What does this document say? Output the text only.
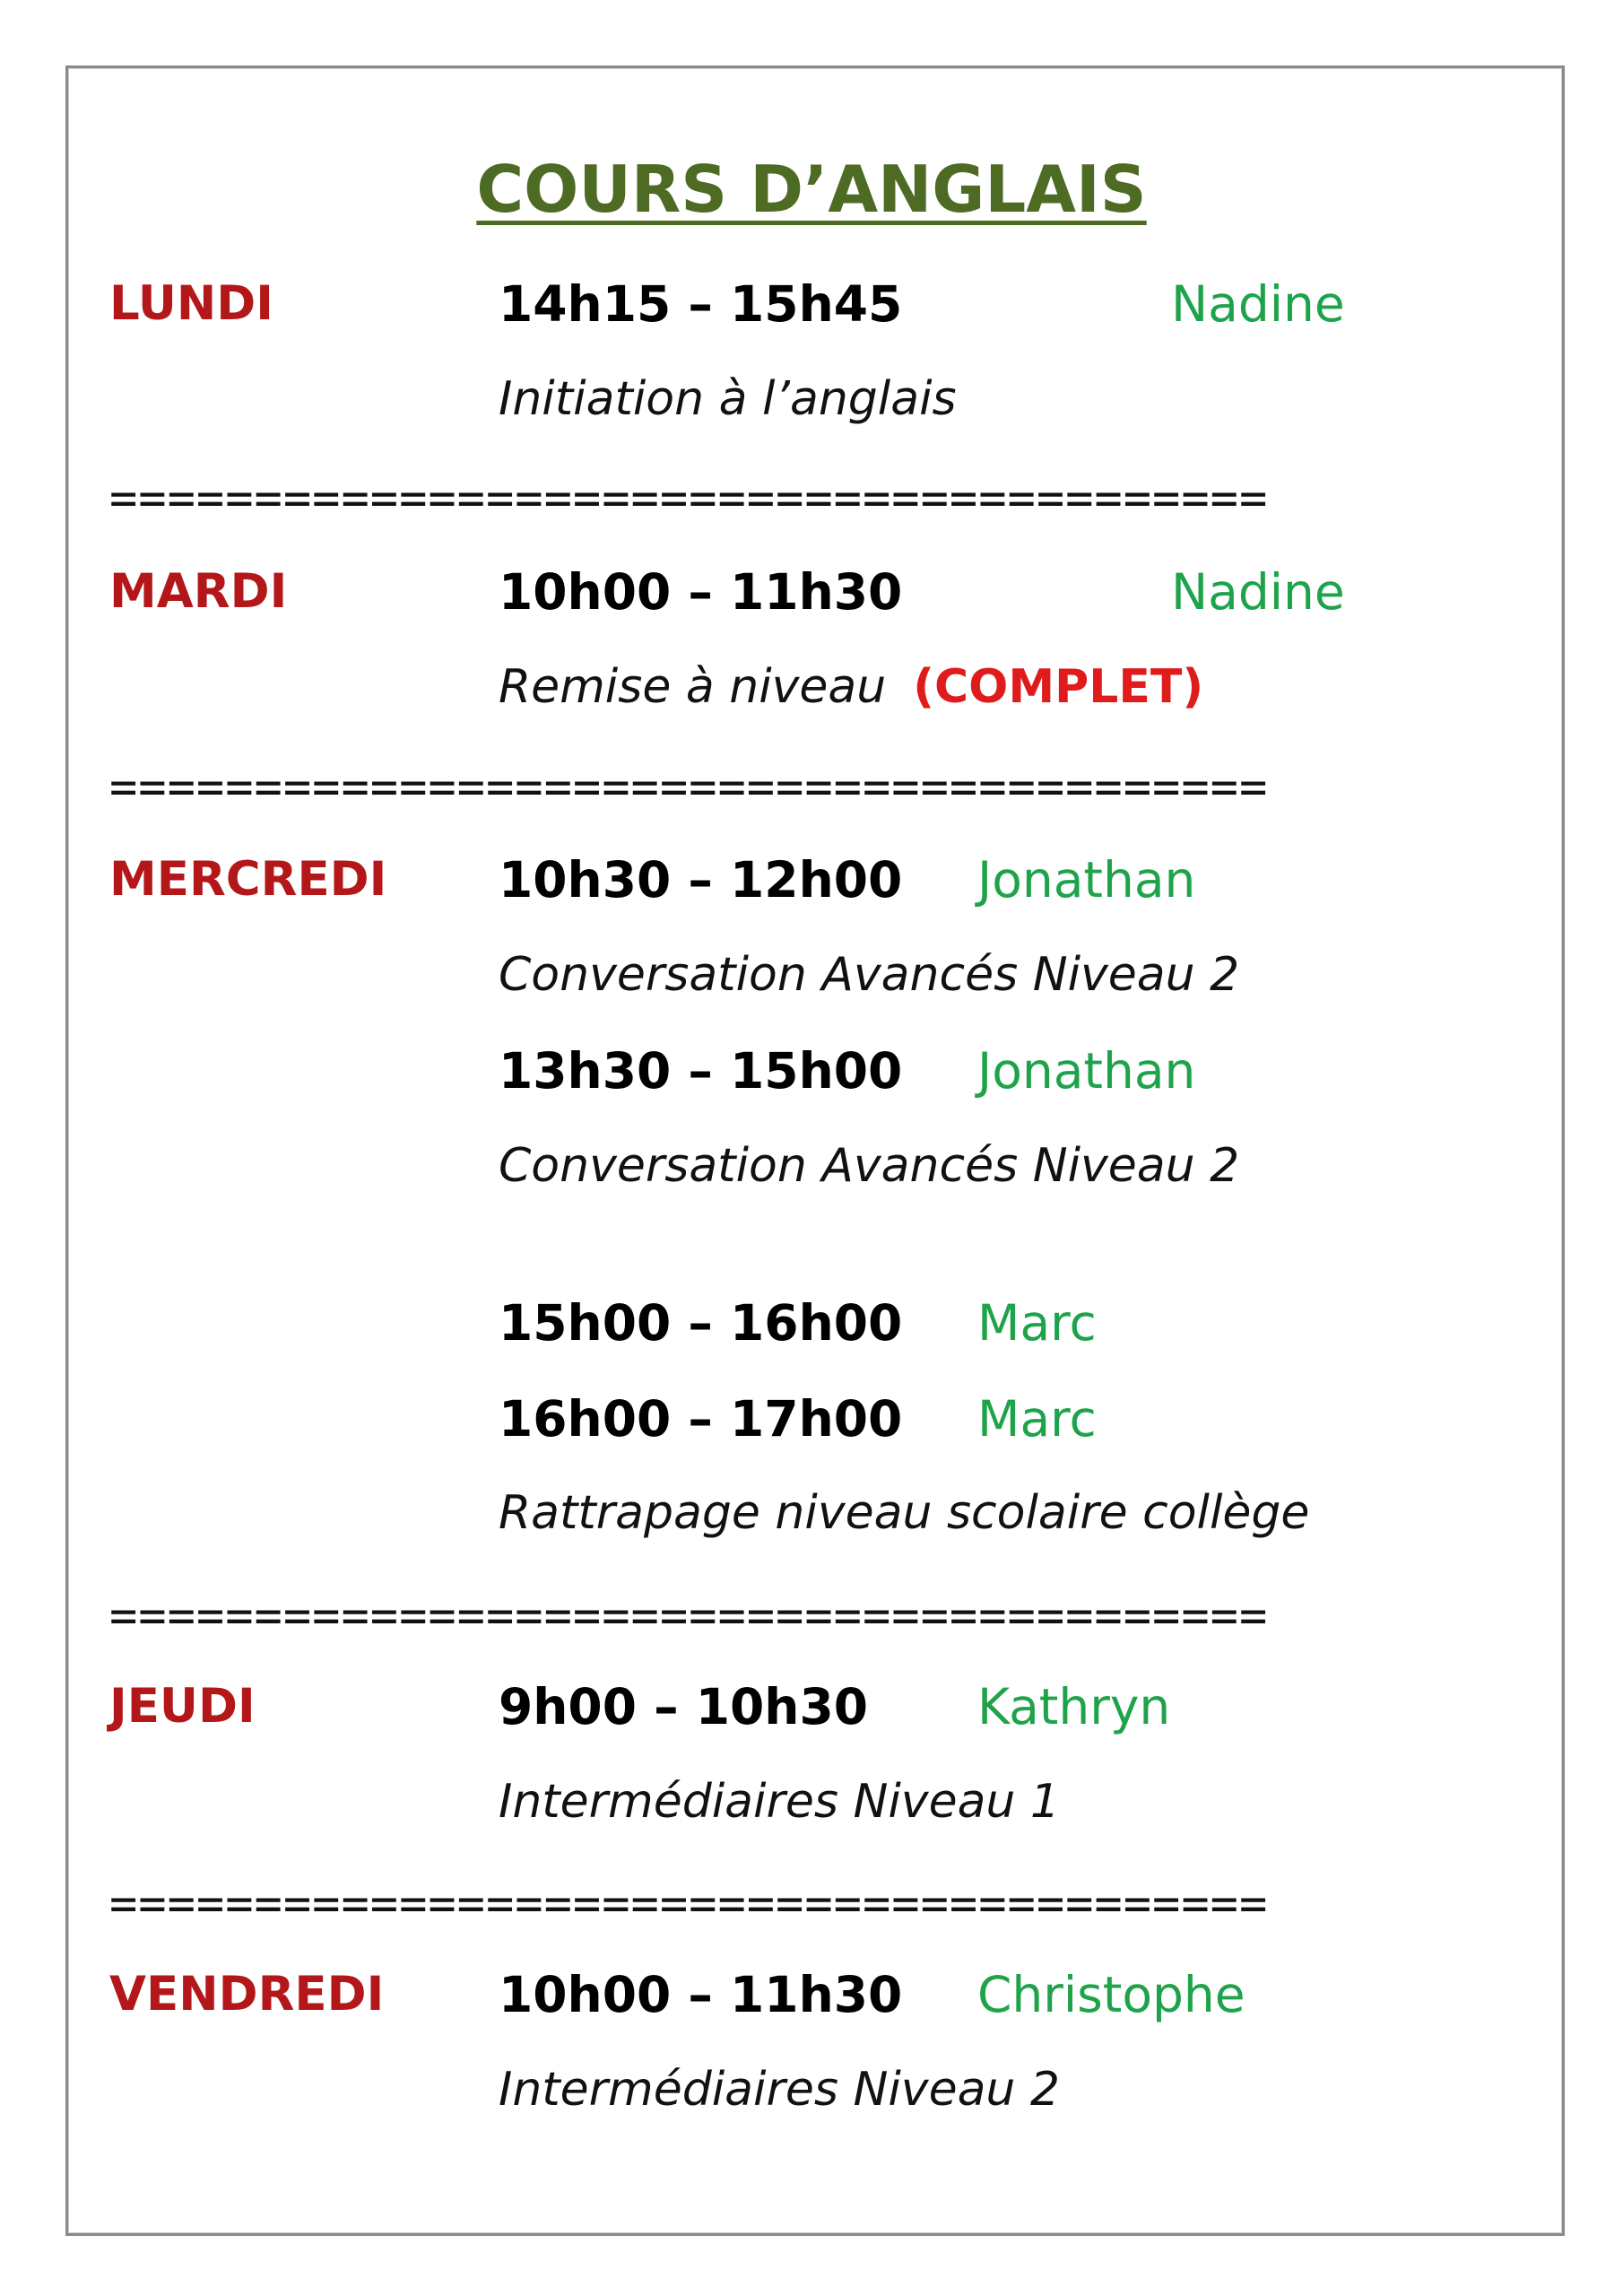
COURS D’ANGLAIS
LUNDI	14h15 – 15h45	Nadine
Initiation à l’anglais
========================================
MARDI	10h00 – 11h30	Nadine
Remise à niveau (COMPLET)
========================================
MERCREDI 10h30 – 12h00 Jonathan
Conversation Avancés Niveau 2
13h30 – 15h00 Jonathan
Conversation Avancés Niveau 2
15h00 – 16h00 Marc
16h00 – 17h00 Marc
Rattrapage niveau scolaire collège
========================================
JEUDI	9h00 – 10h30 Kathryn
Intermédiaires Niveau 1
========================================
VENDREDI 10h00 – 11h30 Christophe
Intermédiaires Niveau 2
